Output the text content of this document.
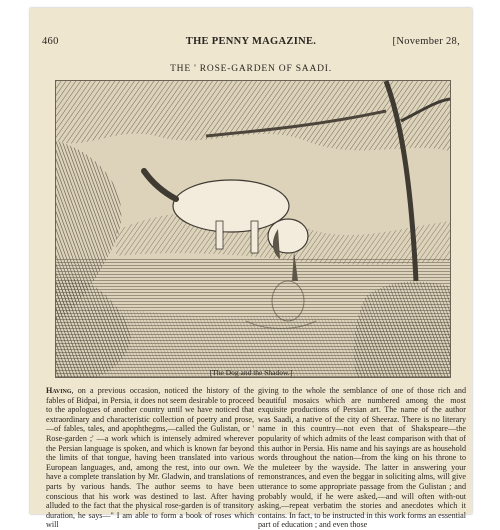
460	THE PENNY MAGAZINE.	[November 28,
THE ' ROSE-GARDEN OF SAADI.
[The Dog and the Shadow.]

Having, on a previous occasion, noticed the history of the fables of Bidpai, in Persia, it does not seem desirable to proceed to the apologues of another country until we have noticed that extraordinary and characteristic collection of poetry and prose,—of fables, tales, and apophthegms,—called the Gulistan, or ' Rose-garden ;' —a work which is intensely admired wherever the Persian language is spoken, and which is known far beyond the limits of that tongue, having been translated into various European languages, and, among the rest, into our own. We have a complete translation by Mr. Gladwin, and translations of parts by various hands. The author seems to have been conscious that his work was destined to last. After having alluded to the fact that the physical rose-garden is of transitory duration, he says—" I am able to form a book of roses which will

giving to the whole the semblance of one of those rich and beautiful mosaics which are numbered among the most exquisite productions of Persian art. The name of the author was Saadi, a native of the city of Sheeraz. There is no literary name in this country—not even that of Shakspeare—the popularity of which admits of the least comparison with that of this author in Persia. His name and his sayings are as household words throughout the nation—from the king on his throne to the muleteer by the wayside. The latter in answering your remonstrances, and even the beggar in soliciting alms, will give utterance to some appropriate passage from the Gulistan ; and probably would, if he were asked,—and will often with-out asking,—repeat verbatim the stories and anecdotes which it contains. In fact, to be instructed in this work forms an essential part of education ; and even those
